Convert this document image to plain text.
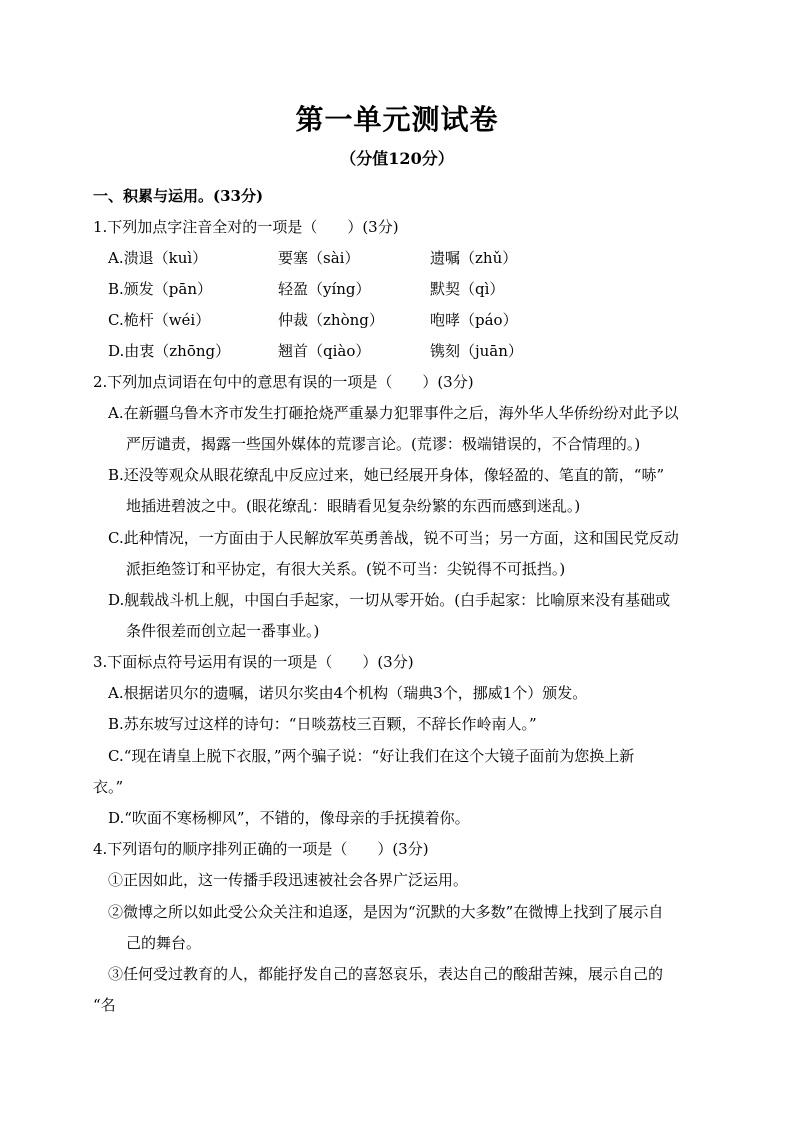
第一单元测试卷
（分值120分）
一、积累与运用。(33分)
1.下列加点字注音全对的一项是（　　）(3分)
A.溃退（kuì）	要塞（sài）	遗嘱（zhǔ）
B.颁发（pān）	轻盈（yíng）	默契（qì）
C.桅杆（wéi）	仲裁（zhòng）	咆哮（páo）
D.由衷（zhōng）	翘首（qiào）	镌刻（juān）
2.下列加点词语在句中的意思有误的一项是（　　）(3分)
A.在新疆乌鲁木齐市发生打砸抢烧严重暴力犯罪事件之后，海外华人华侨纷纷对此予以
严厉谴责，揭露一些国外媒体的荒谬言论。(荒谬：极端错误的，不合情理的。)
B.还没等观众从眼花缭乱中反应过来，她已经展开身体，像轻盈的、笔直的箭，“哧”
地插进碧波之中。(眼花缭乱：眼睛看见复杂纷繁的东西而感到迷乱。)
C.此种情况，一方面由于人民解放军英勇善战，锐不可当；另一方面，这和国民党反动
派拒绝签订和平协定，有很大关系。(锐不可当：尖锐得不可抵挡。)
D.舰载战斗机上舰，中国白手起家，一切从零开始。(白手起家：比喻原来没有基础或
条件很差而创立起一番事业。)
3.下面标点符号运用有误的一项是（　　）(3分)
A.根据诺贝尔的遗嘱，诺贝尔奖由4个机构（瑞典3个，挪威1个）颁发。
B.苏东坡写过这样的诗句：“日啖荔枝三百颗，不辞长作岭南人。”
C.“现在请皇上脱下衣服，”两个骗子说：“好让我们在这个大镜子面前为您换上新
衣。”
D.“吹面不寒杨柳风”，不错的，像母亲的手抚摸着你。
4.下列语句的顺序排列正确的一项是（　　）(3分)
①正因如此，这一传播手段迅速被社会各界广泛运用。
②微博之所以如此受公众关注和追逐，是因为“沉默的大多数”在微博上找到了展示自
己的舞台。
③任何受过教育的人，都能抒发自己的喜怒哀乐，表达自己的酸甜苦辣，展示自己的
“名
